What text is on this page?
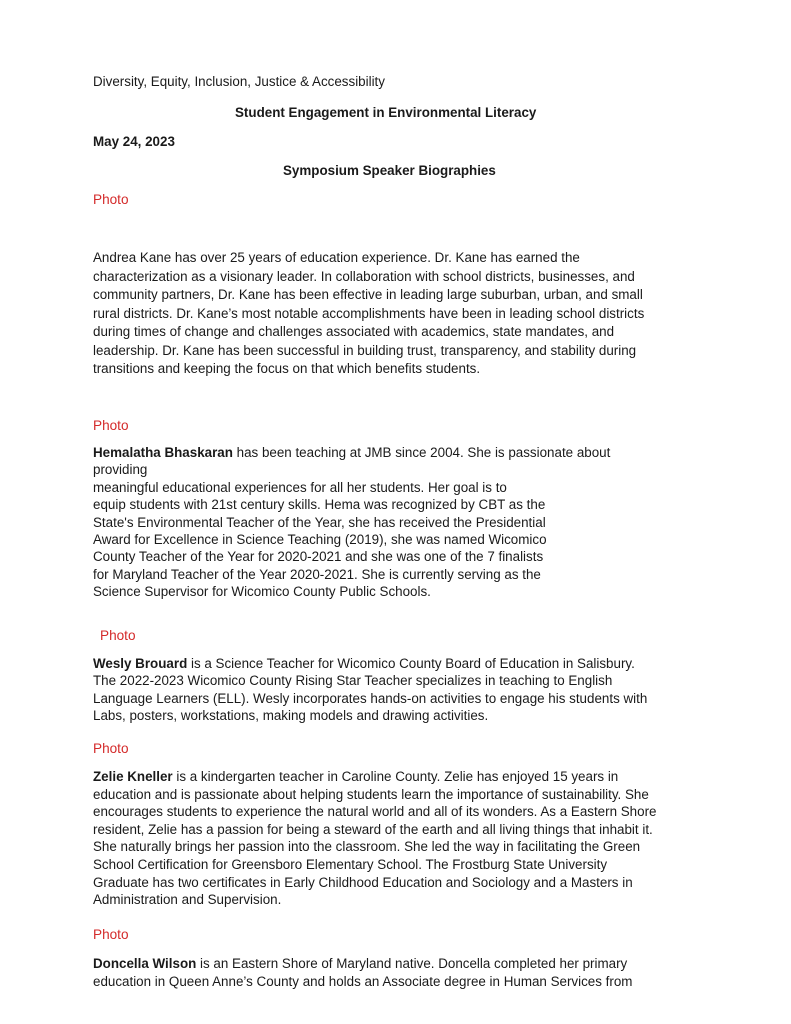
Diversity, Equity, Inclusion, Justice & Accessibility
Student Engagement in Environmental Literacy
May 24, 2023
Symposium Speaker Biographies
Photo
Andrea Kane has over 25 years of education experience. Dr. Kane has earned the
characterization as a visionary leader. In collaboration with school districts, businesses, and
community partners, Dr. Kane has been effective in leading large suburban, urban, and small
rural districts. Dr. Kane’s most notable accomplishments have been in leading school districts
during times of change and challenges associated with academics, state mandates, and
leadership. Dr. Kane has been successful in building trust, transparency, and stability during
transitions and keeping the focus on that which benefits students.
Photo
Hemalatha Bhaskaran has been teaching at JMB since 2004. She is passionate about
providing
meaningful educational experiences for all her students. Her goal is to
equip students with 21st century skills. Hema was recognized by CBT as the
State's Environmental Teacher of the Year, she has received the Presidential
Award for Excellence in Science Teaching (2019), she was named Wicomico
County Teacher of the Year for 2020-2021 and she was one of the 7 finalists
for Maryland Teacher of the Year 2020-2021. She is currently serving as the
Science Supervisor for Wicomico County Public Schools.
Photo
Wesly Brouard is a Science Teacher for Wicomico County Board of Education in Salisbury.
The 2022-2023 Wicomico County Rising Star Teacher specializes in teaching to English
Language Learners (ELL). Wesly incorporates hands-on activities to engage his students with
Labs, posters, workstations, making models and drawing activities.
Photo
Zelie Kneller is a kindergarten teacher in Caroline County. Zelie has enjoyed 15 years in
education and is passionate about helping students learn the importance of sustainability. She
encourages students to experience the natural world and all of its wonders. As a Eastern Shore
resident, Zelie has a passion for being a steward of the earth and all living things that inhabit it.
She naturally brings her passion into the classroom. She led the way in facilitating the Green
School Certification for Greensboro Elementary School. The Frostburg State University
Graduate has two certificates in Early Childhood Education and Sociology and a Masters in
Administration and Supervision.
Photo
Doncella Wilson is an Eastern Shore of Maryland native. Doncella completed her primary
education in Queen Anne’s County and holds an Associate degree in Human Services from
